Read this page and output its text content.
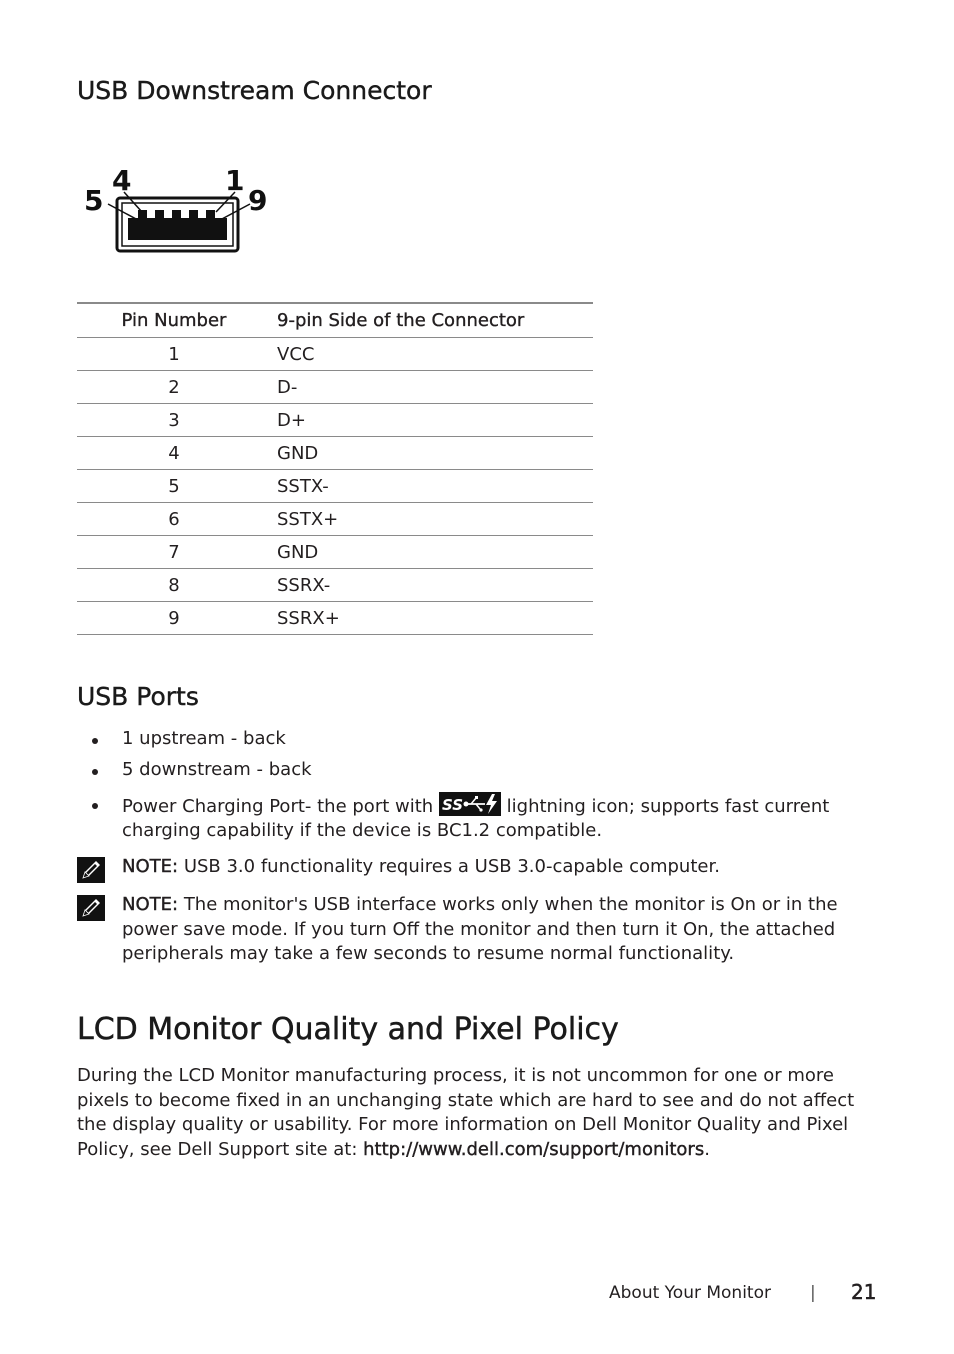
USB Downstream Connector
5
4	1
9
Pin Number	9-pin Side of the Connector
1	VCC
2	D-
3	D+
4	GND
5	SSTX-
6	SSTX+
7	GND
8	SSRX-
9	SSRX+
USB Ports
1 upstream - back
5 downstream - back
Power Charging Port- the port with SS lightning icon; supports fast current charging capability if the device is BC1.2 compatible.
NOTE: USB 3.0 functionality requires a USB 3.0-capable computer.
NOTE: The monitor's USB interface works only when the monitor is On or in the power save mode. If you turn Off the monitor and then turn it On, the attached peripherals may take a few seconds to resume normal functionality.
LCD Monitor Quality and Pixel Policy
During the LCD Monitor manufacturing process, it is not uncommon for one or more pixels to become fixed in an unchanging state which are hard to see and do not affect the display quality or usability. For more information on Dell Monitor Quality and Pixel Policy, see Dell Support site at: http://www.dell.com/support/monitors.
About Your Monitor | 21
